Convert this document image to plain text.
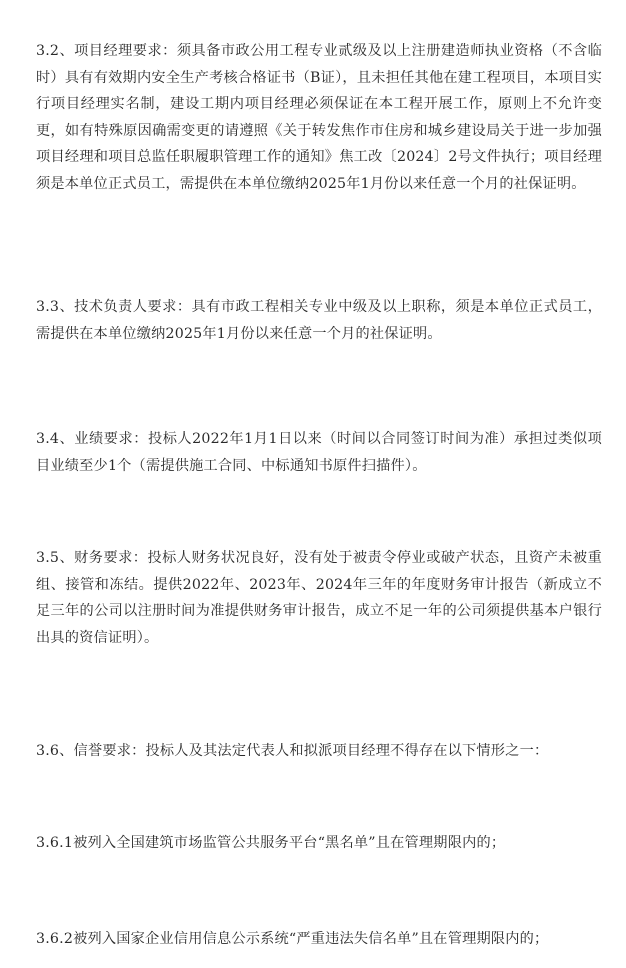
3.2、项目经理要求：须具备市政公用工程专业贰级及以上注册建造师执业资格（不含临时）具有有效期内安全生产考核合格证书（B证），且未担任其他在建工程项目，本项目实行项目经理实名制，建设工期内项目经理必须保证在本工程开展工作，原则上不允许变更，如有特殊原因确需变更的请遵照《关于转发焦作市住房和城乡建设局关于进一步加强项目经理和项目总监任职履职管理工作的通知》焦工改〔2024〕2号文件执行；项目经理须是本单位正式员工，需提供在本单位缴纳2025年1月份以来任意一个月的社保证明。

3.3、技术负责人要求：具有市政工程相关专业中级及以上职称，须是本单位正式员工，需提供在本单位缴纳2025年1月份以来任意一个月的社保证明。

3.4、业绩要求：投标人2022年1月1日以来（时间以合同签订时间为准）承担过类似项目业绩至少1个（需提供施工合同、中标通知书原件扫描件）。

3.5、财务要求：投标人财务状况良好，没有处于被责令停业或破产状态，且资产未被重组、接管和冻结。提供2022年、2023年、2024年三年的年度财务审计报告（新成立不足三年的公司以注册时间为准提供财务审计报告，成立不足一年的公司须提供基本户银行出具的资信证明）。

3.6、信誉要求：投标人及其法定代表人和拟派项目经理不得存在以下情形之一：

3.6.1被列入全国建筑市场监管公共服务平台“黑名单”且在管理期限内的；

3.6.2被列入国家企业信用信息公示系统“严重违法失信名单”且在管理期限内的；
